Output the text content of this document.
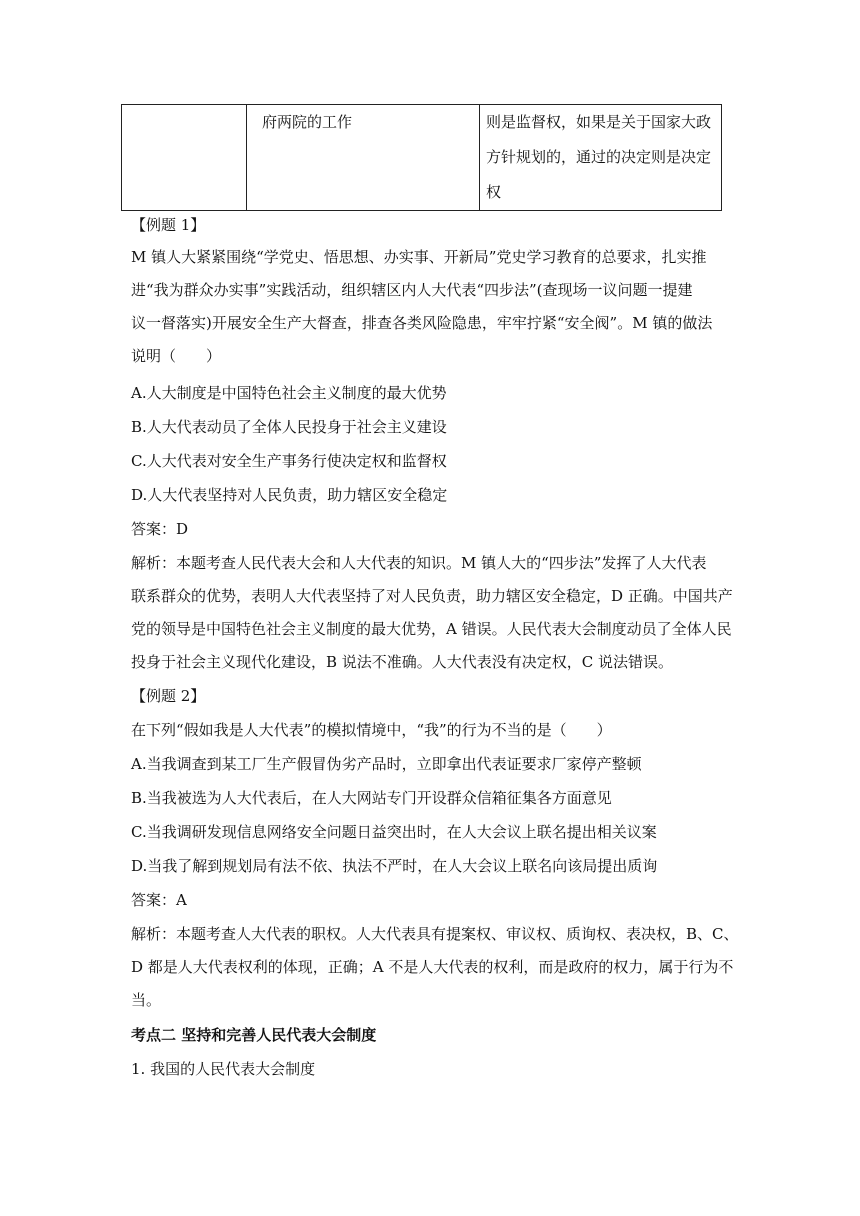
	府两院的工作	则是监督权，如果是关于国家大政
方针规划的，通过的决定则是决定
权
【例题 1】
M 镇人大紧紧围绕“学党史、悟思想、办实事、开新局”党史学习教育的总要求，扎实推
进“我为群众办实事”实践活动，组织辖区内人大代表“四步法”(查现场一议问题一提建
议一督落实)开展安全生产大督查，排查各类风险隐患，牢牢拧紧“安全阀”。M 镇的做法
说明（　　）
A.人大制度是中国特色社会主义制度的最大优势
B.人大代表动员了全体人民投身于社会主义建设
C.人大代表对安全生产事务行使决定权和监督权
D.人大代表坚持对人民负责，助力辖区安全稳定
答案：D
解析：本题考查人民代表大会和人大代表的知识。M 镇人大的“四步法”发挥了人大代表
联系群众的优势，表明人大代表坚持了对人民负责，助力辖区安全稳定，D 正确。中国共产
党的领导是中国特色社会主义制度的最大优势，A 错误。人民代表大会制度动员了全体人民
投身于社会主义现代化建设，B 说法不准确。人大代表没有决定权，C 说法错误。
【例题 2】
在下列“假如我是人大代表”的模拟情境中，“我”的行为不当的是（　　）
A.当我调查到某工厂生产假冒伪劣产品时，立即拿出代表证要求厂家停产整顿
B.当我被选为人大代表后，在人大网站专门开设群众信箱征集各方面意见
C.当我调研发现信息网络安全问题日益突出时，在人大会议上联名提出相关议案
D.当我了解到规划局有法不依、执法不严时，在人大会议上联名向该局提出质询
答案：A
解析：本题考查人大代表的职权。人大代表具有提案权、审议权、质询权、表决权，B、C、
D 都是人大代表权利的体现，正确；A 不是人大代表的权利，而是政府的权力，属于行为不
当。
考点二 坚持和完善人民代表大会制度
1. 我国的人民代表大会制度
